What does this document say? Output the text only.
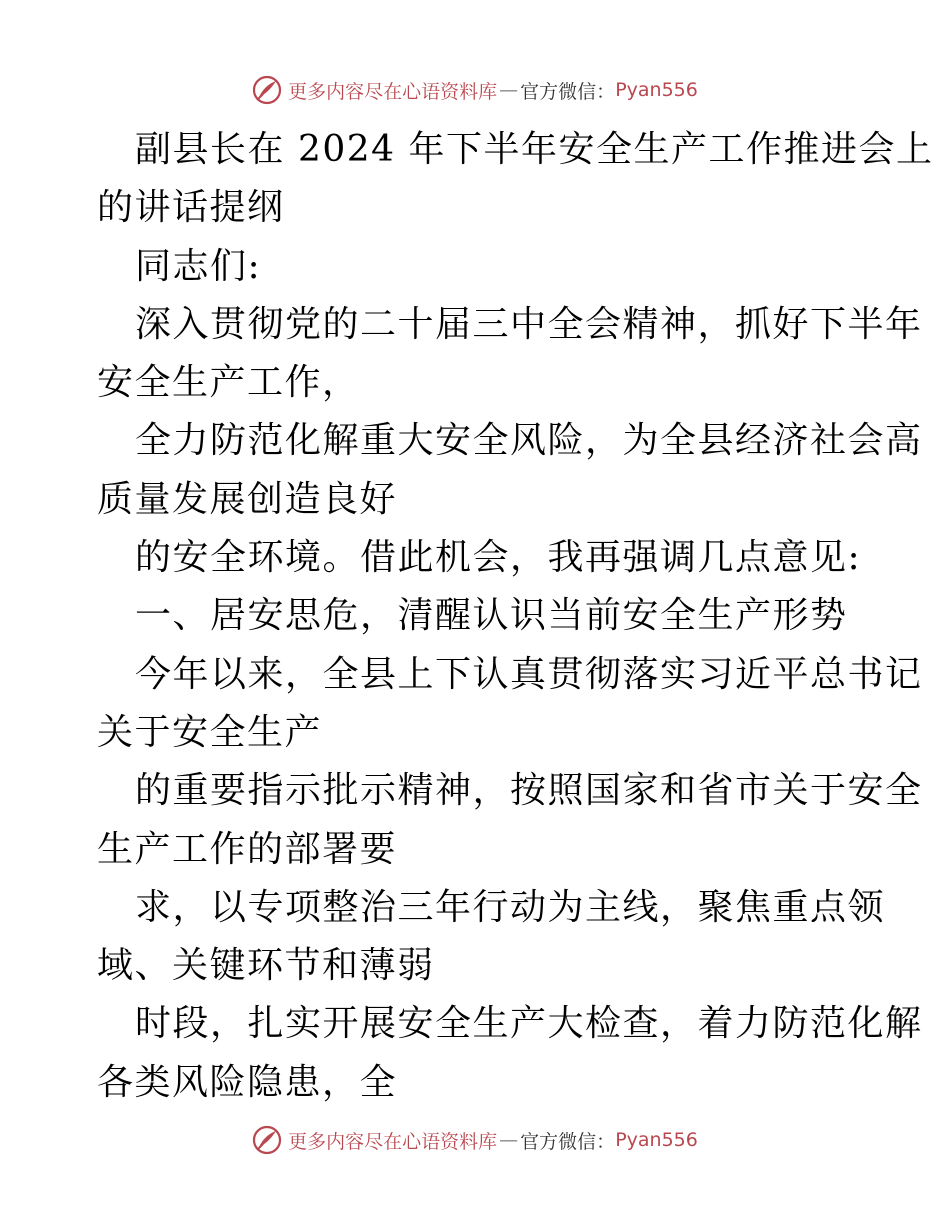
更多内容尽在心语资料库 — 官方微信： Pyan556
副县长在 2024 年下半年安全生产工作推进会上
的讲话提纲
同志们:
深入贯彻党的二十届三中全会精神，抓好下半年
安全生产工作，
全力防范化解重大安全风险，为全县经济社会高
质量发展创造良好
的安全环境。借此机会，我再强调几点意见:
一、居安思危，清醒认识当前安全生产形势
今年以来，全县上下认真贯彻落实习近平总书记
关于安全生产
的重要指示批示精神，按照国家和省市关于安全
生产工作的部署要
求，以专项整治三年行动为主线，聚焦重点领
域、关键环节和薄弱
时段，扎实开展安全生产大检查，着力防范化解
各类风险隐患，全
更多内容尽在心语资料库 — 官方微信： Pyan556
